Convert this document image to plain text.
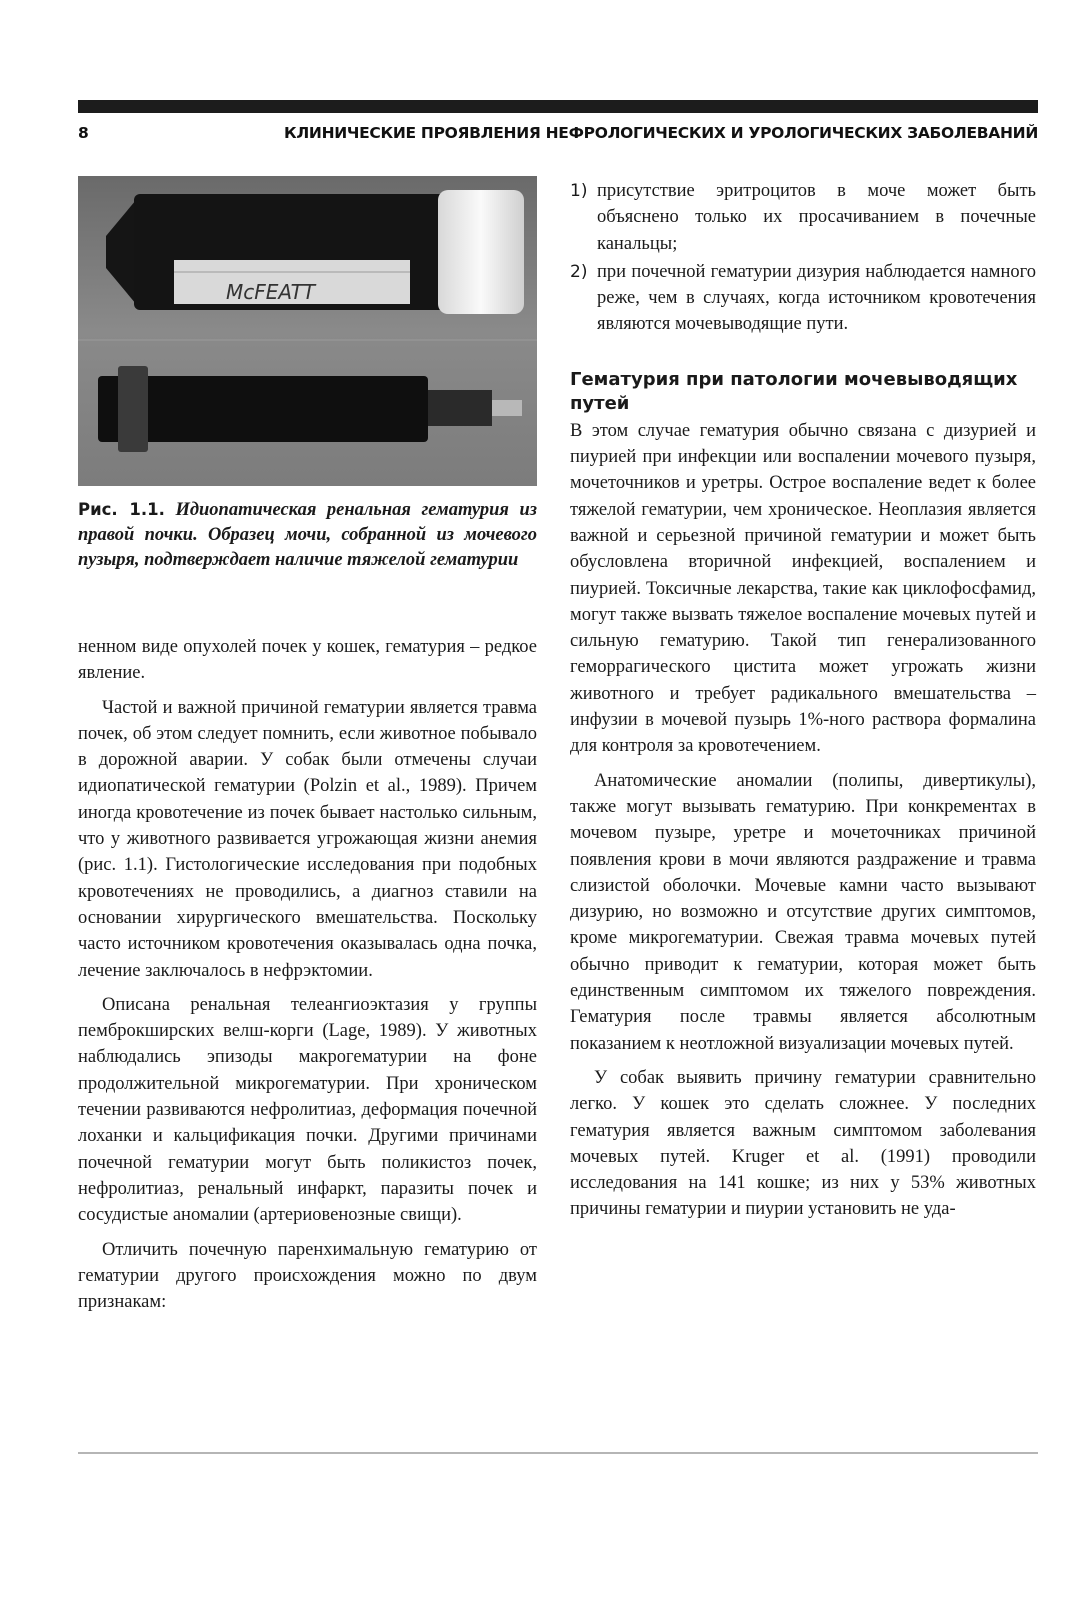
8	КЛИНИЧЕСКИЕ ПРОЯВЛЕНИЯ НЕФРОЛОГИЧЕСКИХ И УРОЛОГИЧЕСКИХ ЗАБОЛЕВАНИЙ
McFEATT
Рис. 1.1. Идиопатическая ренальная гематурия из правой почки. Образец мочи, собранной из мочевого пузыря, подтверждает наличие тяжелой гематурии

ненном виде опухолей почек у кошек, гематурия – редкое явление.

Частой и важной причиной гематурии является травма почек, об этом следует помнить, если животное побывало в дорожной аварии. У собак были отмечены случаи идиопатической гематурии (Polzin et al., 1989). Причем иногда кровотечение из почек бывает настолько сильным, что у животного развивается угрожающая жизни анемия (рис. 1.1). Гистологические исследования при подобных кровотечениях не проводились, а диагноз ставили на основании хирургического вмешательства. Поскольку часто источником кровотечения оказывалась одна почка, лечение заключалось в нефрэктомии.

Описана ренальная телеангиоэктазия у группы пемброкширских велш-корги (Lage, 1989). У животных наблюдались эпизоды макрогематурии на фоне продолжительной микрогематурии. При хроническом течении развиваются нефролитиаз, деформация почечной лоханки и кальцификация почки. Другими причинами почечной гематурии могут быть поликистоз почек, нефролитиаз, ренальный инфаркт, паразиты почек и сосудистые аномалии (артериовенозные свищи).

Отличить почечную паренхимальную гематурию от гематурии другого происхождения можно по двум признакам:

1) присутствие эритроцитов в моче может быть объяснено только их просачиванием в почечные канальцы;
2) при почечной гематурии дизурия наблюдается намного реже, чем в случаях, когда источником кровотечения являются мочевыводящие пути.
Гематурия при патологии мочевыводящих путей

В этом случае гематурия обычно связана с дизурией и пиурией при инфекции или воспалении мочевого пузыря, мочеточников и уретры. Острое воспаление ведет к более тяжелой гематурии, чем хроническое. Неоплазия является важной и серьезной причиной гематурии и может быть обусловлена вторичной инфекцией, воспалением и пиурией. Токсичные лекарства, такие как циклофосфамид, могут также вызвать тяжелое воспаление мочевых путей и сильную гематурию. Такой тип генерализованного геморрагического цистита может угрожать жизни животного и требует радикального вмешательства – инфузии в мочевой пузырь 1%-ного раствора формалина для контроля за кровотечением.

Анатомические аномалии (полипы, дивертикулы), также могут вызывать гематурию. При конкрементах в мочевом пузыре, уретре и мочеточниках причиной появления крови в мочи являются раздражение и травма слизистой оболочки. Мочевые камни часто вызывают дизурию, но возможно и отсутствие других симптомов, кроме микрогематурии. Свежая травма мочевых путей обычно приводит к гематурии, которая может быть единственным симптомом их тяжелого повреждения. Гематурия после травмы является абсолютным показанием к неотложной визуализации мочевых путей.

У собак выявить причину гематурии сравнительно легко. У кошек это сделать сложнее. У последних гематурия является важным симптомом заболевания мочевых путей. Kruger et al. (1991) проводили исследования на 141 кошке; из них у 53% животных причины гематурии и пиурии установить не уда-
